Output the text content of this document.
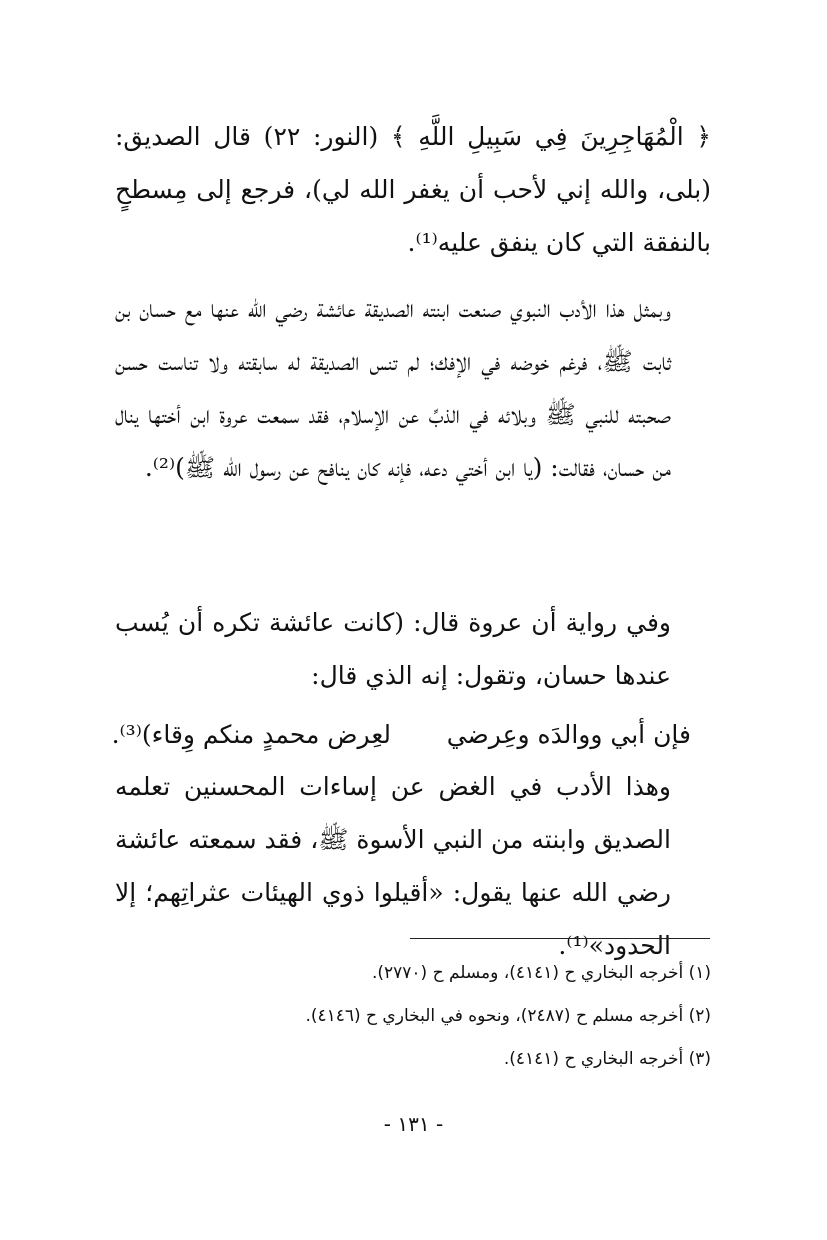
﴿ الْمُهَاجِرِينَ فِي سَبِيلِ اللَّهِ ﴾ (النور: ٢٢) قال الصديق: (بلى، والله إني لأحب أن يغفر الله لي)، فرجع إلى مِسطحٍ بالنفقة التي كان ينفق عليه⁽¹⁾.

وبمثل هذا الأدب النبوي صنعت ابنته الصديقة عائشة رضي الله عنها مع حسان بن ثابت ﷺ، فرغم خوضه في الإفك؛ لم تنس الصديقة له سابقته ولا تناست حسن صحبته للنبي ﷺ وبلائه في الذبِّ عن الإسلام، فقد سمعت عروة ابن أختها ينال من حسان، فقالت: (يا ابن أختي دعه، فإنه كان ينافح عن رسول الله ﷺ)⁽²⁾.

وفي رواية أن عروة قال: (كانت عائشة تكره أن يُسب عندها حسان، وتقول: إنه الذي قال:

فإن أبي ووالدَه وعِرضي
لعِرض محمدٍ منكم وِقاء)⁽³⁾.

وهذا الأدب في الغض عن إساءات المحسنين تعلمه الصديق وابنته من النبي الأسوة ﷺ، فقد سمعته عائشة رضي الله عنها يقول: «أقيلوا ذوي الهيئات عثراتِهم؛ إلا الحدود»⁽¹⁾.

(١) أخرجه البخاري ح (٤١٤١)، ومسلم ح (٢٧٧٠).
(٢) أخرجه مسلم ح (٢٤٨٧)، ونحوه في البخاري ح (٤١٤٦).
(٣) أخرجه البخاري ح (٤١٤١).
- ١٣١ -
